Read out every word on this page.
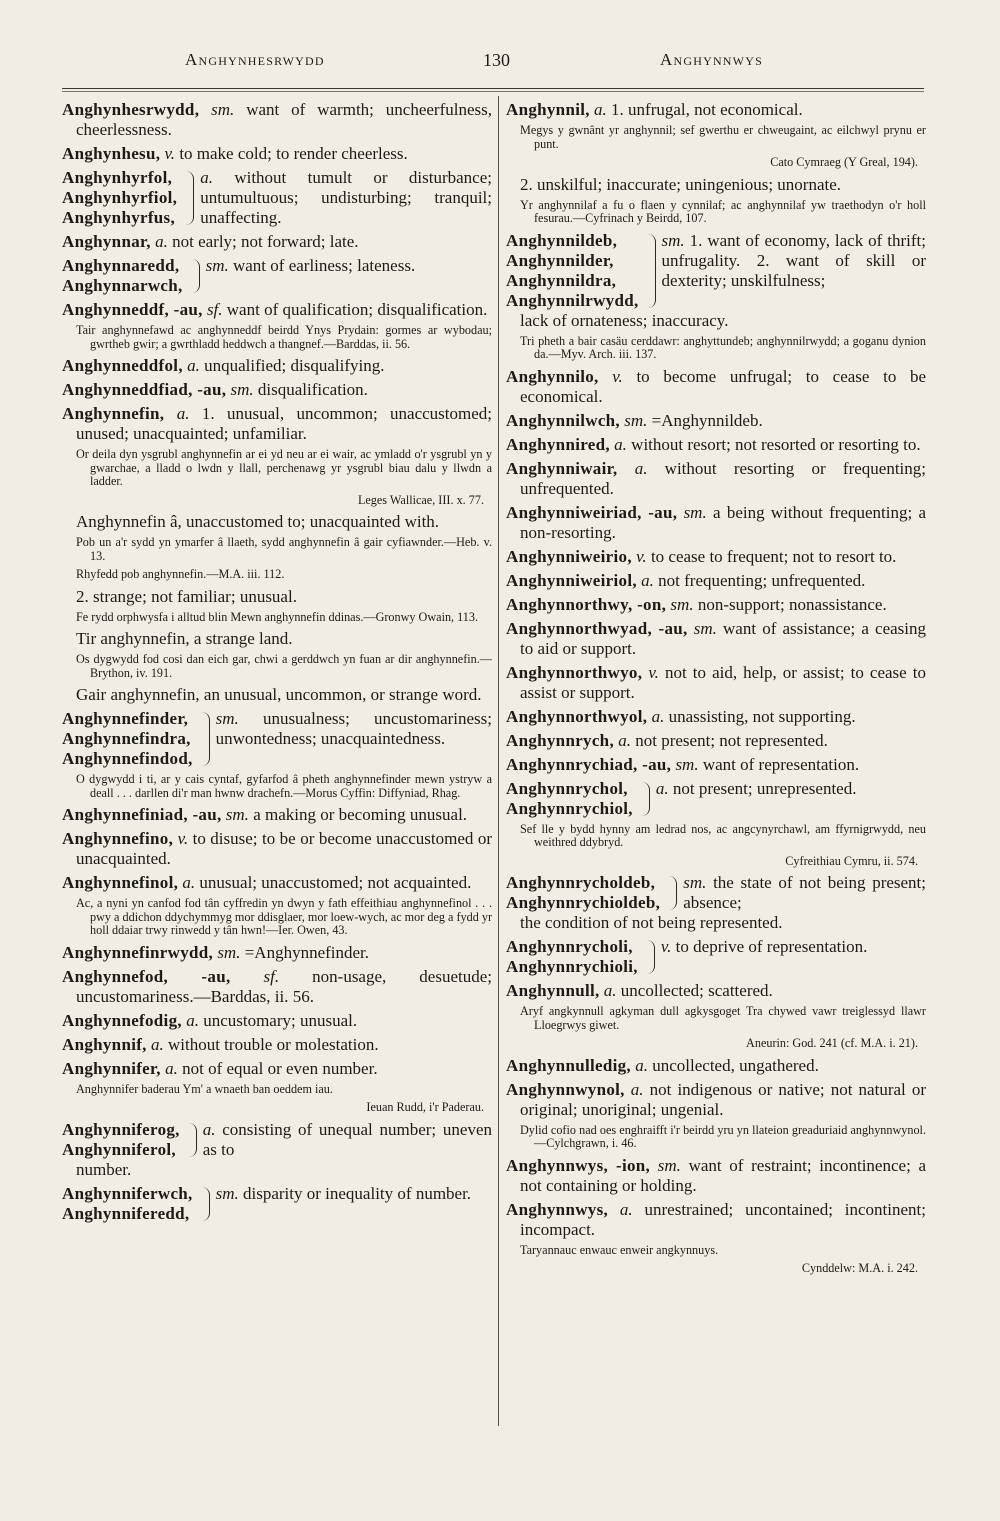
Anghynhesrwydd	130	Anghynnwys
Anghynhesrwydd, sm. want of warmth; uncheerfulness, cheerlessness.
Anghynhesu, v. to make cold; to render cheerless.
Anghynhyrfol,
Anghynhyrfiol,
Anghynhyrfus,
a. without tumult or disturbance; untumultuous; undisturbing; tranquil; unaffecting.
Anghynnar, a. not early; not forward; late.
Anghynnaredd,
Anghynnarwch,
sm. want of earliness; lateness.
Anghynneddf, -au, sf. want of qualification; disqualification.
Tair anghynnefawd ac anghynneddf beirdd Ynys Prydain: gormes ar wybodau; gwrtheb gwir; a gwrthladd heddwch a thangnef.—Barddas, ii. 56.
Anghynneddfol, a. unqualified; disqualifying.
Anghynneddfiad, -au, sm. disqualification.
Anghynnefin, a. 1. unusual, uncommon; unaccustomed; unused; unacquainted; unfamiliar.
Or deila dyn ysgrubl anghynnefin ar ei yd neu ar ei wair, ac ymladd o'r ysgrubl yn y gwarchae, a lladd o lwdn y llall, perchenawg yr ysgrubl biau dalu y llwdn a ladder.
Leges Wallicae, III. x. 77.
Anghynnefin â, unaccustomed to; unacquainted with.
Pob un a'r sydd yn ymarfer â llaeth, sydd anghynnefin â gair cyfiawnder.—Heb. v. 13.
Rhyfedd pob anghynnefin.—M.A. iii. 112.
2. strange; not familiar; unusual.
Fe rydd orphwysfa i alltud blin Mewn anghynnefin ddinas.—Gronwy Owain, 113.
Tir anghynnefin, a strange land.
Os dygwydd fod cosi dan eich gar, chwi a gerddwch yn fuan ar dir anghynnefin.—Brython, iv. 191.
Gair anghynnefin, an unusual, uncommon, or strange word.
Anghynnefinder,
Anghynnefindra,
Anghynnefindod,
sm. unusualness; uncustomariness; unwontedness; unacquaintedness.
O dygwydd i ti, ar y cais cyntaf, gyfarfod â pheth anghynnefinder mewn ystryw a deall . . . darllen di'r man hwnw drachefn.—Morus Cyffin: Diffyniad, Rhag.
Anghynnefiniad, -au, sm. a making or becoming unusual.
Anghynnefino, v. to disuse; to be or become unaccustomed or unacquainted.
Anghynnefinol, a. unusual; unaccustomed; not acquainted.
Ac, a nyni yn canfod fod tân cyffredin yn dwyn y fath effeithiau anghynnefinol . . . pwy a ddichon ddychymmyg mor ddisglaer, mor loew-wych, ac mor deg a fydd yr holl ddaiar trwy rinwedd y tân hwn!—Ier. Owen, 43.
Anghynnefinrwydd, sm. =Anghynnefinder.
Anghynnefod, -au, sf. non-usage, desuetude; uncustomariness.—Barddas, ii. 56.
Anghynnefodig, a. uncustomary; unusual.
Anghynnif, a. without trouble or molestation.
Anghynnifer, a. not of equal or even number.
Anghynnifer baderau Ym' a wnaeth ban oeddem iau.
Ieuan Rudd, i'r Paderau.
Anghynniferog,
Anghynniferol,
a. consisting of unequal number; uneven as to
number.
Anghynniferwch,
Anghynniferedd,
sm. disparity or inequality of number.
Anghynnil, a. 1. unfrugal, not economical.
Megys y gwnânt yr anghynnil; sef gwerthu er chweugaint, ac eilchwyl prynu er punt.
Cato Cymraeg (Y Greal, 194).
2. unskilful; inaccurate; uningenious; unornate.
Yr anghynnilaf a fu o flaen y cynnilaf; ac anghynnilaf yw traethodyn o'r holl fesurau.—Cyfrinach y Beirdd, 107.
Anghynnildeb,
Anghynnilder,
Anghynnildra,
Anghynnilrwydd,
sm. 1. want of economy, lack of thrift; unfrugality. 2. want of skill or dexterity; unskilfulness;
lack of ornateness; inaccuracy.
Tri pheth a bair casäu cerddawr: anghyttundeb; anghynnilrwydd; a goganu dynion da.—Myv. Arch. iii. 137.
Anghynnilo, v. to become unfrugal; to cease to be economical.
Anghynnilwch, sm. =Anghynnildeb.
Anghynnired, a. without resort; not resorted or resorting to.
Anghynniwair, a. without resorting or frequenting; unfrequented.
Anghynniweiriad, -au, sm. a being without frequenting; a non-resorting.
Anghynniweirio, v. to cease to frequent; not to resort to.
Anghynniweiriol, a. not frequenting; unfrequented.
Anghynnorthwy, -on, sm. non-support; nonassistance.
Anghynnorthwyad, -au, sm. want of assistance; a ceasing to aid or support.
Anghynnorthwyo, v. not to aid, help, or assist; to cease to assist or support.
Anghynnorthwyol, a. unassisting, not supporting.
Anghynnrych, a. not present; not represented.
Anghynnrychiad, -au, sm. want of representation.
Anghynnrychol,
Anghynnrychiol,
a. not present; unrepresented.
Sef lle y bydd hynny am ledrad nos, ac angcynyrchawl, am ffyrnigrwydd, neu weithred ddybryd.
Cyfreithiau Cymru, ii. 574.
Anghynnrycholdeb,
Anghynnrychioldeb,
sm. the state of not being present; absence;
the condition of not being represented.
Anghynnrycholi,
Anghynnrychioli,
v. to deprive of representation.
Anghynnull, a. uncollected; scattered.
Aryf angkynnull agkyman dull agkysgoget Tra chywed vawr treiglessyd llawr Lloegrwys giwet.
Aneurin: God. 241 (cf. M.A. i. 21).
Anghynnulledig, a. uncollected, ungathered.
Anghynnwynol, a. not indigenous or native; not natural or original; unoriginal; ungenial.
Dylid cofio nad oes enghraifft i'r beirdd yru yn llateion greaduriaid anghynnwynol.—Cylchgrawn, i. 46.
Anghynnwys, -ion, sm. want of restraint; incontinence; a not containing or holding.
Anghynnwys, a. unrestrained; uncontained; incontinent; incompact.
Taryannauc enwauc enweir angkynnuys.
Cynddelw: M.A. i. 242.
